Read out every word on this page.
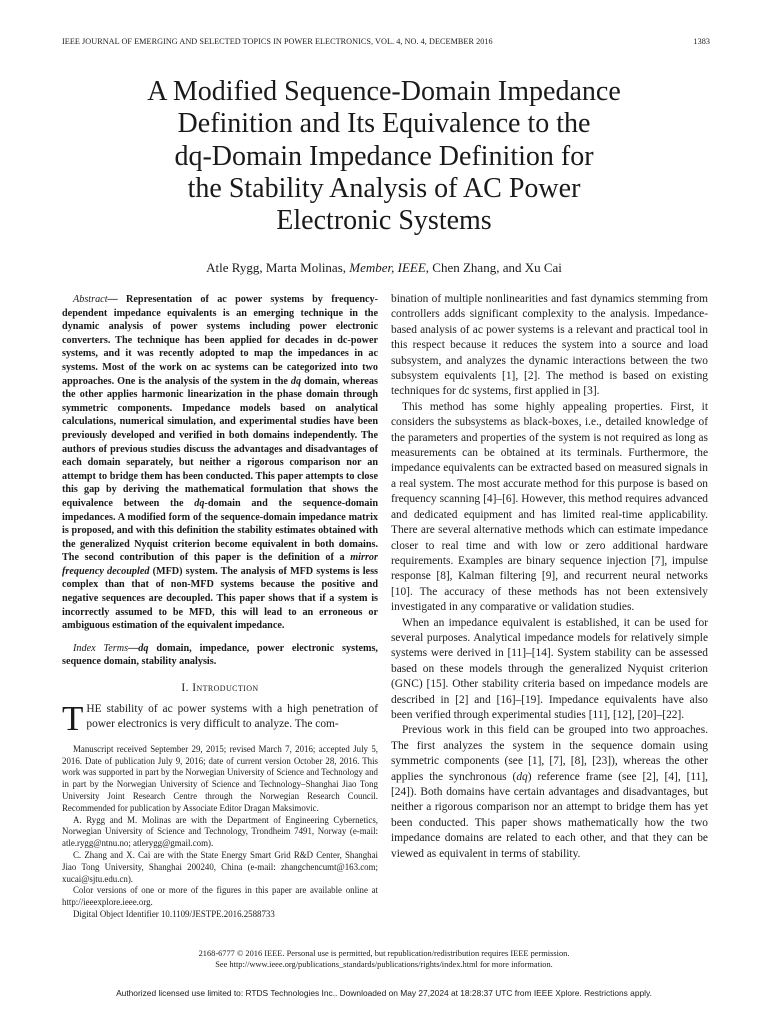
IEEE JOURNAL OF EMERGING AND SELECTED TOPICS IN POWER ELECTRONICS, VOL. 4, NO. 4, DECEMBER 2016	1383
A Modified Sequence-Domain Impedance
Definition and Its Equivalence to the
dq-Domain Impedance Definition for
the Stability Analysis of AC Power
Electronic Systems
Atle Rygg, Marta Molinas, Member, IEEE, Chen Zhang, and Xu Cai

Abstract— Representation of ac power systems by frequency-dependent impedance equivalents is an emerging technique in the dynamic analysis of power systems including power electronic converters. The technique has been applied for decades in dc-power systems, and it was recently adopted to map the impedances in ac systems. Most of the work on ac systems can be categorized into two approaches. One is the analysis of the system in the dq domain, whereas the other applies harmonic linearization in the phase domain through symmetric components. Impedance models based on analytical calculations, numerical simulation, and experimental studies have been previously developed and verified in both domains independently. The authors of previous studies discuss the advantages and disadvantages of each domain separately, but neither a rigorous comparison nor an attempt to bridge them has been conducted. This paper attempts to close this gap by deriving the mathematical formulation that shows the equivalence between the dq-domain and the sequence-domain impedances. A modified form of the sequence-domain impedance matrix is proposed, and with this definition the stability estimates obtained with the generalized Nyquist criterion become equivalent in both domains. The second contribution of this paper is the definition of a mirror frequency decoupled (MFD) system. The analysis of MFD systems is less complex than that of non-MFD systems because the positive and negative sequences are decoupled. This paper shows that if a system is incorrectly assumed to be MFD, this will lead to an erroneous or ambiguous estimation of the equivalent impedance.

Index Terms—dq domain, impedance, power electronic systems, sequence domain, stability analysis.

I. Introduction

THE stability of ac power systems with a high penetration of power electronics is very difficult to analyze. The com-

Manuscript received September 29, 2015; revised March 7, 2016; accepted July 5, 2016. Date of publication July 9, 2016; date of current version October 28, 2016. This work was supported in part by the Norwegian University of Science and Technology and in part by the Norwegian University of Science and Technology–Shanghai Jiao Tong University Joint Research Centre through the Norwegian Research Council. Recommended for publication by Associate Editor Dragan Maksimovic.

A. Rygg and M. Molinas are with the Department of Engineering Cybernetics, Norwegian University of Science and Technology, Trondheim 7491, Norway (e-mail: atle.rygg@ntnu.no; atlerygg@gmail.com).

C. Zhang and X. Cai are with the State Energy Smart Grid R&D Center, Shanghai Jiao Tong University, Shanghai 200240, China (e-mail: zhangchencumt@163.com; xucai@sjtu.edu.cn).

Color versions of one or more of the figures in this paper are available online at http://ieeexplore.ieee.org.

Digital Object Identifier 10.1109/JESTPE.2016.2588733

bination of multiple nonlinearities and fast dynamics stemming from controllers adds significant complexity to the analysis. Impedance-based analysis of ac power systems is a relevant and practical tool in this respect because it reduces the system into a source and load subsystem, and analyzes the dynamic interactions between the two subsystem equivalents [1], [2]. The method is based on existing techniques for dc systems, first applied in [3].

This method has some highly appealing properties. First, it considers the subsystems as black-boxes, i.e., detailed knowledge of the parameters and properties of the system is not required as long as measurements can be obtained at its terminals. Furthermore, the impedance equivalents can be extracted based on measured signals in a real system. The most accurate method for this purpose is based on frequency scanning [4]–[6]. However, this method requires advanced and dedicated equipment and has limited real-time applicability. There are several alternative methods which can estimate impedance closer to real time and with low or zero additional hardware requirements. Examples are binary sequence injection [7], impulse response [8], Kalman filtering [9], and recurrent neural networks [10]. The accuracy of these methods has not been extensively investigated in any comparative or validation studies.

When an impedance equivalent is established, it can be used for several purposes. Analytical impedance models for relatively simple systems were derived in [11]–[14]. System stability can be assessed based on these models through the generalized Nyquist criterion (GNC) [15]. Other stability criteria based on impedance models are described in [2] and [16]–[19]. Impedance equivalents have also been verified through experimental studies [11], [12], [20]–[22].

Previous work in this field can be grouped into two approaches. The first analyzes the system in the sequence domain using symmetric components (see [1], [7], [8], [23]), whereas the other applies the synchronous (dq) reference frame (see [2], [4], [11], [24]). Both domains have certain advantages and disadvantages, but neither a rigorous comparison nor an attempt to bridge them has yet been conducted. This paper shows mathematically how the two impedance domains are related to each other, and that they can be viewed as equivalent in terms of stability.

2168-6777 © 2016 IEEE. Personal use is permitted, but republication/redistribution requires IEEE permission.
See http://www.ieee.org/publications_standards/publications/rights/index.html for more information.
Authorized licensed use limited to: RTDS Technologies Inc.. Downloaded on May 27,2024 at 18:28:37 UTC from IEEE Xplore. Restrictions apply.
